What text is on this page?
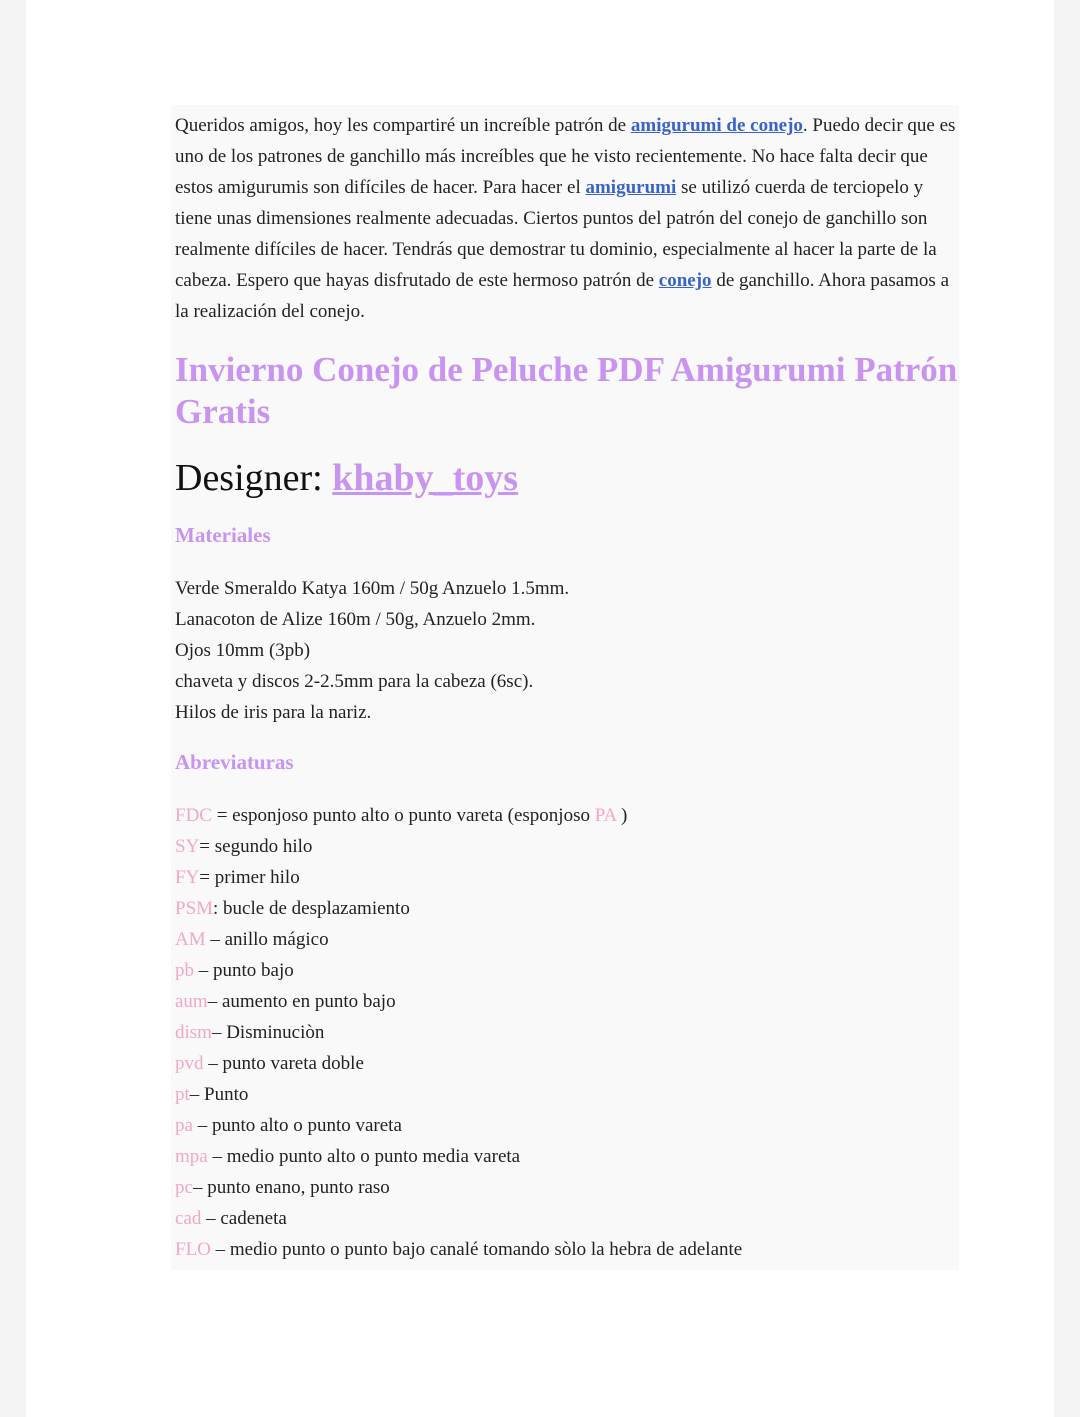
Queridos amigos, hoy les compartiré un increíble patrón de amigurumi de conejo. Puedo decir que es uno de los patrones de ganchillo más increíbles que he visto recientemente. No hace falta decir que estos amigurumis son difíciles de hacer. Para hacer el amigurumi se utilizó cuerda de terciopelo y tiene unas dimensiones realmente adecuadas. Ciertos puntos del patrón del conejo de ganchillo son realmente difíciles de hacer. Tendrás que demostrar tu dominio, especialmente al hacer la parte de la cabeza. Espero que hayas disfrutado de este hermoso patrón de conejo de ganchillo. Ahora pasamos a la realización del conejo.

Invierno Conejo de Peluche PDF Amigurumi Patrón Gratis
Designer: khaby_toys
Materiales
Verde Smeraldo Katya 160m / 50g Anzuelo 1.5mm.
Lanacoton de Alize 160m / 50g, Anzuelo 2mm.
Ojos 10mm (3pb)
chaveta y discos 2-2.5mm para la cabeza (6sc).
Hilos de iris para la nariz.
Abreviaturas
FDC = esponjoso punto alto o punto vareta (esponjoso PA )
SY= segundo hilo
FY= primer hilo
PSM: bucle de desplazamiento
AM – anillo mágico
pb – punto bajo
aum– aumento en punto bajo
dism– Disminuciòn
pvd – punto vareta doble
pt– Punto
pa – punto alto o punto vareta
mpa – medio punto alto o punto media vareta
pc– punto enano, punto raso
cad – cadeneta
FLO – medio punto o punto bajo canalé tomando sòlo la hebra de adelante
